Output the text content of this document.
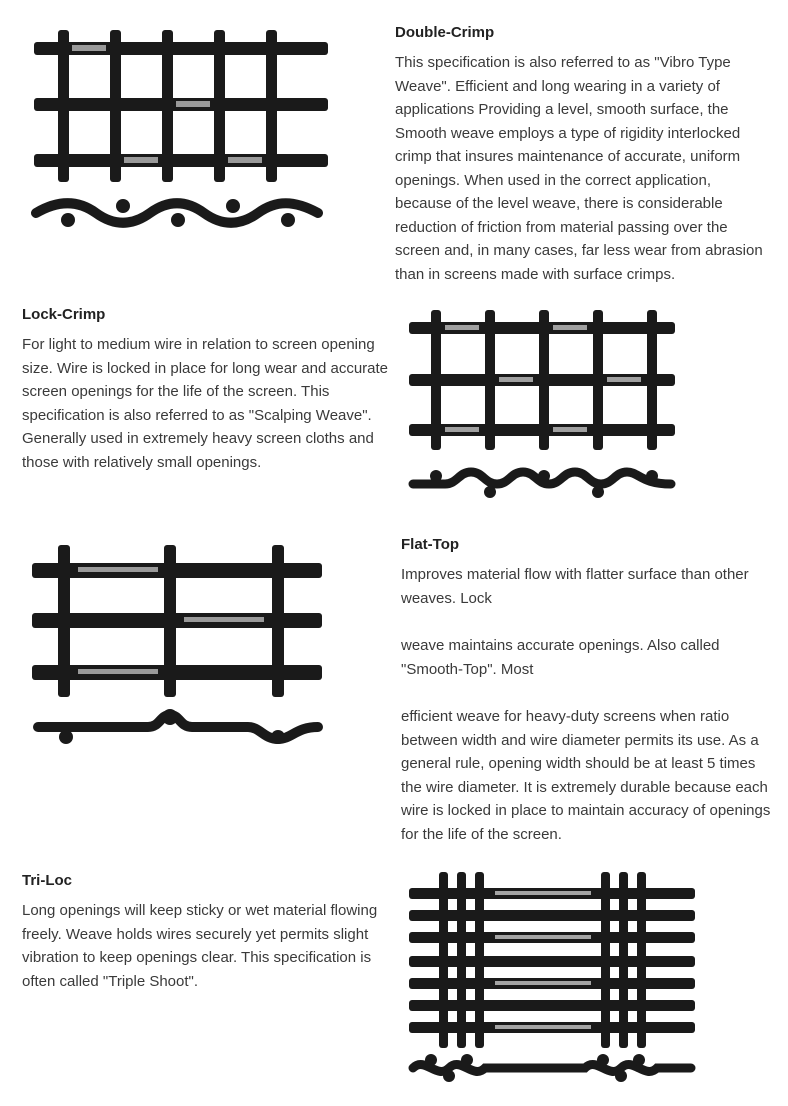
Double-Crimp

This specification is also referred to as "Vibro Type Weave". Efficient and long wearing in a variety of applications Providing a level, smooth surface, the Smooth weave employs a type of rigidity interlocked crimp that insures maintenance of accurate, uniform openings. When used in the correct application, because of the level weave, there is considerable reduction of friction from material passing over the screen and, in many cases, far less wear from abrasion than in screens made with surface crimps.

Lock-Crimp

For light to medium wire in relation to screen opening size. Wire is locked in place for long wear and accurate screen openings for the life of the screen. This specification is also referred to as "Scalping Weave". Generally used in extremely heavy screen cloths and those with relatively small openings.

Flat-Top

Improves material flow with flatter surface than other weaves. Lock

weave maintains accurate openings. Also called "Smooth-Top". Most

efficient weave for heavy-duty screens when ratio between width and wire diameter permits its use. As a general rule, opening width should be at least 5 times the wire diameter. It is extremely durable because each wire is locked in place to maintain accuracy of openings for the life of the screen.

Tri-Loc

Long openings will keep sticky or wet material flowing freely. Weave holds wires securely yet permits slight vibration to keep openings clear. This specification is often called "Triple Shoot".
